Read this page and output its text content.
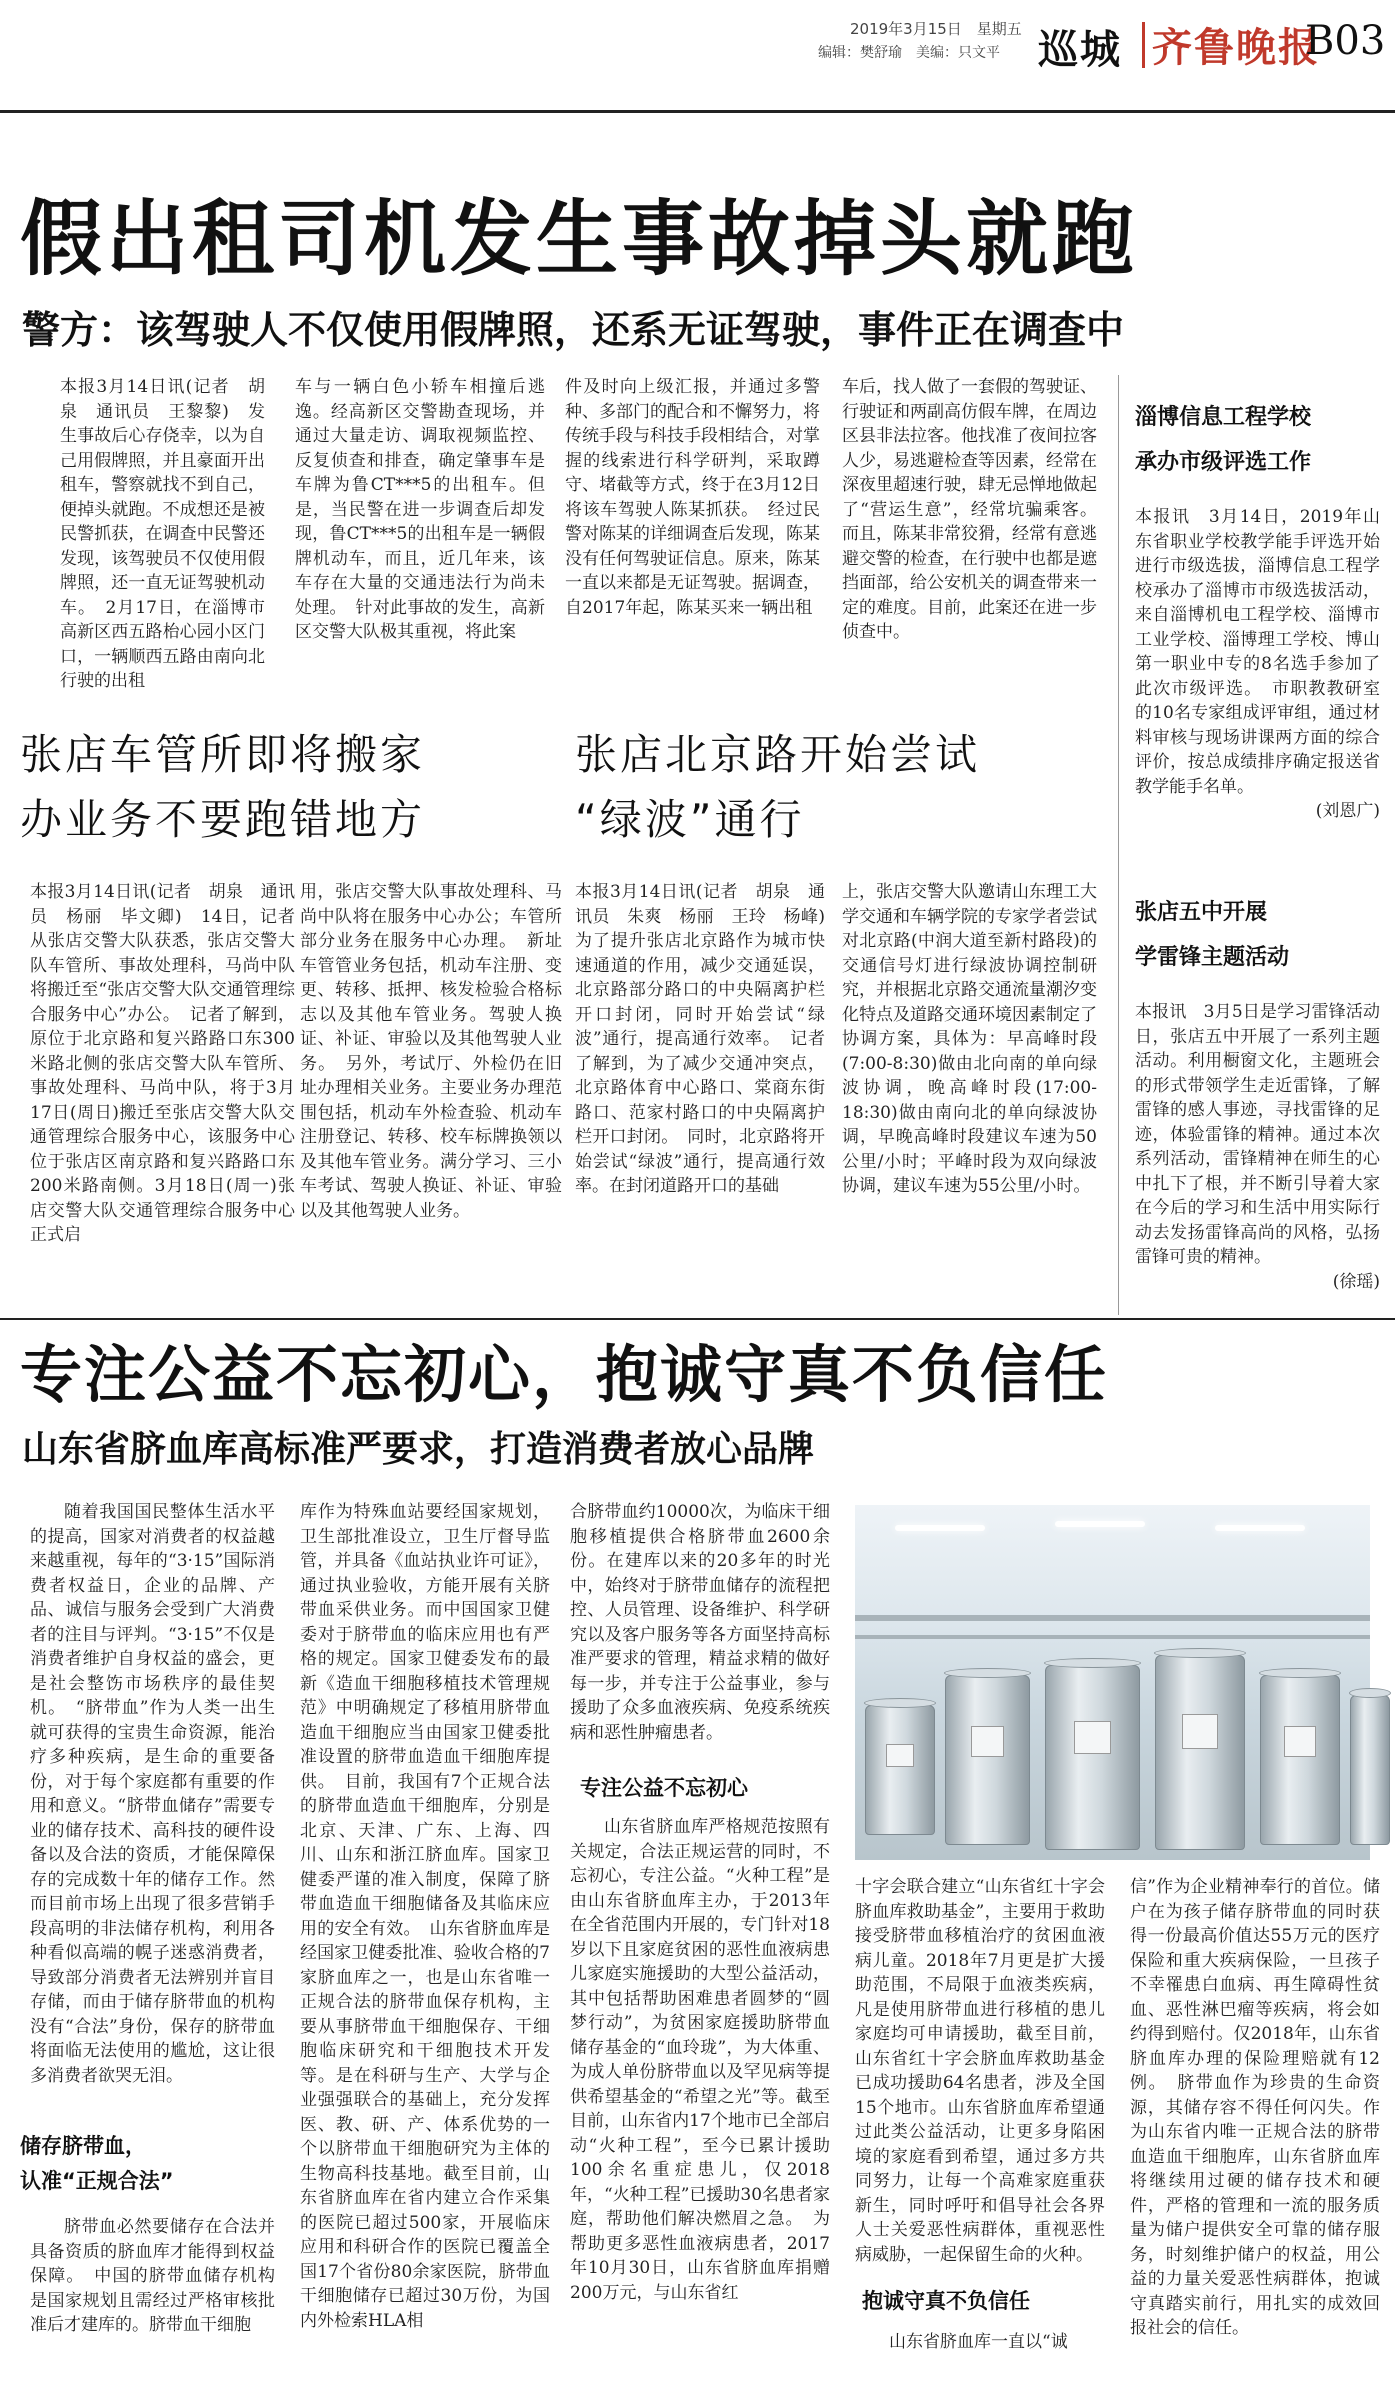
2019年3月15日　星期五
编辑：樊舒瑜　美编：只文平 巡城 齐鲁晚报
B03
假出租司机发生事故掉头就跑
警方：该驾驶人不仅使用假牌照，还系无证驾驶，事件正在调查中

本报3月14日讯(记者　胡泉　通讯员　王黎黎)　发生事故后心存侥幸，以为自己用假牌照，并且豪面开出租车，警察就找不到自己，便掉头就跑。不成想还是被民警抓获，在调查中民警还发现，该驾驶员不仅使用假牌照，还一直无证驾驶机动车。　2月17日，在淄博市高新区西五路枱心园小区门口，一辆顺西五路由南向北行驶的出租

车与一辆白色小轿车相撞后逃逸。经高新区交警勘查现场，并通过大量走访、调取视频监控、反复侦查和排查，确定肇事车是车牌为鲁CT***5的出租车。但是，当民警在进一步调查后却发现，鲁CT***5的出租车是一辆假牌机动车，而且，近几年来，该车存在大量的交通违法行为尚未处理。　针对此事故的发生，高新区交警大队极其重视，将此案

件及时向上级汇报，并通过多警种、多部门的配合和不懈努力，将传统手段与科技手段相结合，对掌握的线索进行科学研判，采取蹲守、堵截等方式，终于在3月12日将该车驾驶人陈某抓获。　经过民警对陈某的详细调查后发现，陈某没有任何驾驶证信息。原来，陈某一直以来都是无证驾驶。据调查，自2017年起，陈某买来一辆出租

车后，找人做了一套假的驾驶证、行驶证和两副高仿假车牌，在周边区县非法拉客。他找准了夜间拉客人少，易逃避检查等因素，经常在深夜里超速行驶，肆无忌惮地做起了“营运生意”，经常坑骗乘客。而且，陈某非常狡猾，经常有意逃避交警的检查，在行驶中也都是遮挡面部，给公安机关的调查带来一定的难度。目前，此案还在进一步侦查中。

张店车管所即将搬家
办业务不要跑错地方

本报3月14日讯(记者　胡泉　通讯员　杨丽　毕文卿)　14日，记者从张店交警大队获悉，张店交警大队车管所、事故处理科，马尚中队将搬迁至“张店交警大队交通管理综合服务中心”办公。　记者了解到，原位于北京路和复兴路路口东300米路北侧的张店交警大队车管所、事故处理科、马尚中队，将于3月17日(周日)搬迁至张店交警大队交通管理综合服务中心，该服务中心位于张店区南京路和复兴路路口东200米路南侧。3月18日(周一)张店交警大队交通管理综合服务中心正式启

用，张店交警大队事故处理科、马尚中队将在服务中心办公；车管所部分业务在服务中心办理。　新址车管管业务包括，机动车注册、变更、转移、抵押、核发检验合格标志以及其他车管业务。驾驶人换证、补证、审验以及其他驾驶人业务。　另外，考试厅、外检仍在旧址办理相关业务。主要业务办理范围包括，机动车外检查验、机动车注册登记、转移、校车标牌换领以及其他车管业务。满分学习、三小车考试、驾驶人换证、补证、审验以及其他驾驶人业务。

张店北京路开始尝试
“绿波”通行

本报3月14日讯(记者　胡泉　通讯员　朱爽　杨丽　王玲　杨峰)　为了提升张店北京路作为城市快速通道的作用，减少交通延误，北京路部分路口的中央隔离护栏开口封闭，同时开始尝试“绿波”通行，提高通行效率。　记者了解到，为了减少交通冲突点，北京路体育中心路口、棠商东街路口、范家村路口的中央隔离护栏开口封闭。　同时，北京路将开始尝试“绿波”通行，提高通行效率。在封闭道路开口的基础

上，张店交警大队邀请山东理工大学交通和车辆学院的专家学者尝试对北京路(中润大道至新村路段)的交通信号灯进行绿波协调控制研究，并根据北京路交通流量潮汐变化特点及道路交通环境因素制定了协调方案，具体为：早高峰时段(7:00-8:30)做由北向南的单向绿波协调，晚高峰时段(17:00-18:30)做由南向北的单向绿波协调，早晚高峰时段建议车速为50公里/小时；平峰时段为双向绿波协调，建议车速为55公里/小时。

淄博信息工程学校
承办市级评选工作

本报讯　3月14日，2019年山东省职业学校教学能手评选开始进行市级选拔，淄博信息工程学校承办了淄博市市级选拔活动，来自淄博机电工程学校、淄博市工业学校、淄博理工学校、博山第一职业中专的8名选手参加了此次市级评选。　市职教教研室的10名专家组成评审组，通过材料审核与现场讲课两方面的综合评价，按总成绩排序确定报送省教学能手名单。

(刘恩广)

张店五中开展
学雷锋主题活动

本报讯　3月5日是学习雷锋活动日，张店五中开展了一系列主题活动。利用橱窗文化，主题班会的形式带领学生走近雷锋，了解雷锋的感人事迹，寻找雷锋的足迹，体验雷锋的精神。通过本次系列活动，雷锋精神在师生的心中扎下了根，并不断引导着大家在今后的学习和生活中用实际行动去发扬雷锋高尚的风格，弘扬雷锋可贵的精神。

(徐瑶)

专注公益不忘初心，抱诚守真不负信任
山东省脐血库高标准严要求，打造消费者放心品牌

随着我国国民整体生活水平的提高，国家对消费者的权益越来越重视，每年的“3·15”国际消费者权益日，企业的品牌、产品、诚信与服务会受到广大消费者的注目与评判。“3·15”不仅是消费者维护自身权益的盛会，更是社会整饬市场秩序的最佳契机。　“脐带血”作为人类一出生就可获得的宝贵生命资源，能治疗多种疾病，是生命的重要备份，对于每个家庭都有重要的作用和意义。“脐带血储存”需要专业的储存技术、高科技的硬件设备以及合法的资质，才能保障保存的完成数十年的储存工作。然而目前市场上出现了很多营销手段高明的非法储存机构，利用各种看似高端的幌子迷惑消费者，导致部分消费者无法辨别并盲目存储，而由于储存脐带血的机构没有“合法”身份，保存的脐带血将面临无法使用的尴尬，这让很多消费者欲哭无泪。

储存脐带血，
认准“正规合法”

脐带血必然要储存在合法并具备资质的脐血库才能得到权益保障。　中国的脐带血储存机构是国家规划且需经过严格审核批准后才建库的。脐带血干细胞

库作为特殊血站要经国家规划，卫生部批准设立，卫生厅督导监管，并具备《血站执业许可证》，通过执业验收，方能开展有关脐带血采供业务。而中国国家卫健委对于脐带血的临床应用也有严格的规定。国家卫健委发布的最新《造血干细胞移植技术管理规范》中明确规定了移植用脐带血造血干细胞应当由国家卫健委批准设置的脐带血造血干细胞库提供。　目前，我国有7个正规合法的脐带血造血干细胞库，分别是北京、天津、广东、上海、四川、山东和浙江脐血库。国家卫健委严谨的准入制度，保障了脐带血造血干细胞储备及其临床应用的安全有效。　山东省脐血库是经国家卫健委批准、验收合格的7家脐血库之一，也是山东省唯一正规合法的脐带血保存机构，主要从事脐带血干细胞保存、干细胞临床研究和干细胞技术开发等。是在科研与生产、大学与企业强强联合的基础上，充分发挥医、教、研、产、体系优势的一个以脐带血干细胞研究为主体的生物高科技基地。截至目前，山东省脐血库在省内建立合作采集的医院已超过500家，开展临床应用和科研合作的医院已覆盖全国17个省份80余家医院，脐带血干细胞储存已超过30万份，为国内外检索HLA相

合脐带血约10000次，为临床干细胞移植提供合格脐带血2600余份。在建库以来的20多年的时光中，始终对于脐带血储存的流程把控、人员管理、设备维护、科学研究以及客户服务等各方面坚持高标准严要求的管理，精益求精的做好每一步，并专注于公益事业，参与援助了众多血液疾病、免疫系统疾病和恶性肿瘤患者。

专注公益不忘初心

山东省脐血库严格规范按照有关规定，合法正规运营的同时，不忘初心，专注公益。“火种工程”是由山东省脐血库主办，于2013年在全省范围内开展的，专门针对18岁以下且家庭贫困的恶性血液病患儿家庭实施援助的大型公益活动，其中包括帮助困难患者圆梦的“圆梦行动”，为贫困家庭援助脐带血储存基金的“血玲珑”，为大体重、为成人单份脐带血以及罕见病等提供希望基金的“希望之光”等。截至目前，山东省内17个地市已全部启动“火种工程”，至今已累计援助100余名重症患儿，仅2018年，“火种工程”已援助30名患者家庭，帮助他们解决燃眉之急。　为帮助更多恶性血液病患者，2017年10月30日，山东省脐血库捐赠200万元，与山东省红

十字会联合建立“山东省红十字会脐血库救助基金”，主要用于救助接受脐带血移植治疗的贫困血液病儿童。2018年7月更是扩大援助范围，不局限于血液类疾病，凡是使用脐带血进行移植的患儿家庭均可申请援助，截至目前，山东省红十字会脐血库救助基金已成功援助64名患者，涉及全国15个地市。山东省脐血库希望通过此类公益活动，让更多身陷困境的家庭看到希望，通过多方共同努力，让每一个高难家庭重获新生，同时呼吁和倡导社会各界人士关爱恶性病群体，重视恶性病威胁，一起保留生命的火种。

抱诚守真不负信任

山东省脐血库一直以“诚

信”作为企业精神奉行的首位。储户在为孩子储存脐带血的同时获得一份最高价值达55万元的医疗保险和重大疾病保险，一旦孩子不幸罹患白血病、再生障碍性贫血、恶性淋巴瘤等疾病，将会如约得到赔付。仅2018年，山东省脐血库办理的保险理赔就有12例。　脐带血作为珍贵的生命资源，其储存容不得任何闪失。作为山东省内唯一正规合法的脐带血造血干细胞库，山东省脐血库将继续用过硬的储存技术和硬件，严格的管理和一流的服务质量为储户提供安全可靠的储存服务，时刻维护储户的权益，用公益的力量关爱恶性病群体，抱诚守真踏实前行，用扎实的成效回报社会的信任。
